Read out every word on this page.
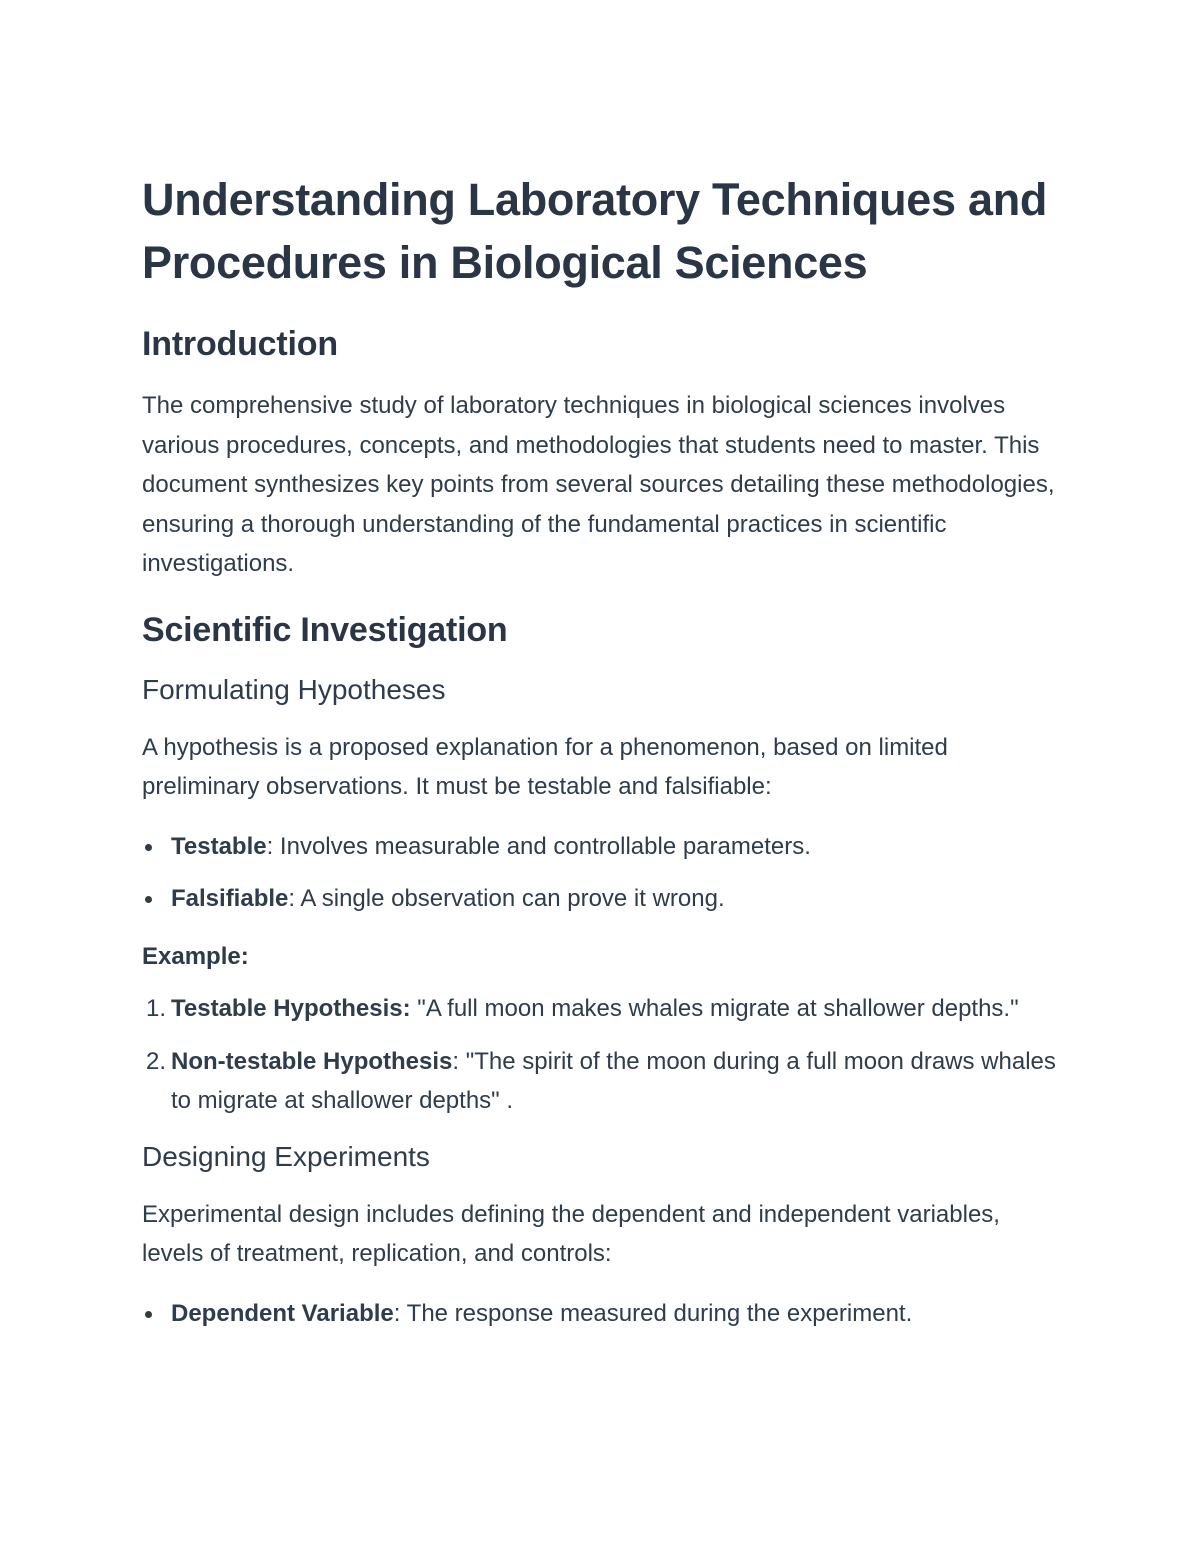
Understanding Laboratory Techniques and Procedures in Biological Sciences
Introduction

The comprehensive study of laboratory techniques in biological sciences involves various procedures, concepts, and methodologies that students need to master. This document synthesizes key points from several sources detailing these methodologies, ensuring a thorough understanding of the fundamental practices in scientific investigations.

Scientific Investigation
Formulating Hypotheses

A hypothesis is a proposed explanation for a phenomenon, based on limited preliminary observations. It must be testable and falsifiable:

Testable: Involves measurable and controllable parameters.
Falsifiable: A single observation can prove it wrong.
Example:
1. Testable Hypothesis: "A full moon makes whales migrate at shallower depths."
2. Non-testable Hypothesis: "The spirit of the moon during a full moon draws whales to migrate at shallower depths" .
Designing Experiments

Experimental design includes defining the dependent and independent variables, levels of treatment, replication, and controls:

Dependent Variable: The response measured during the experiment.
